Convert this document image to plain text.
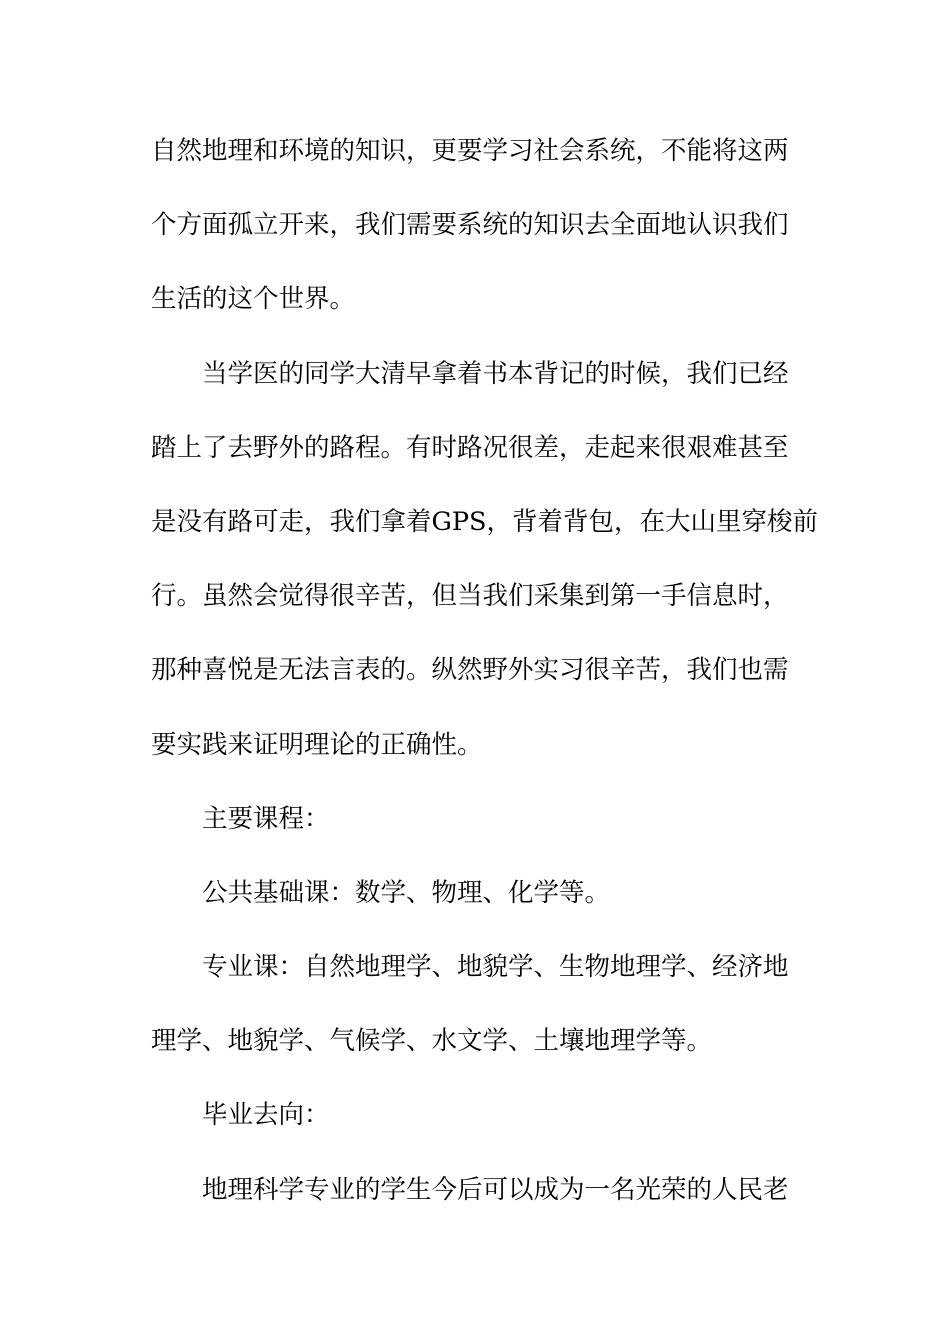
自然地理和环境的知识，更要学习社会系统，不能将这两
个方面孤立开来，我们需要系统的知识去全面地认识我们
生活的这个世界。
当学医的同学大清早拿着书本背记的时候，我们已经
踏上了去野外的路程。有时路况很差，走起来很艰难甚至
是没有路可走，我们拿着GPS，背着背包，在大山里穿梭前
行。虽然会觉得很辛苦，但当我们采集到第一手信息时，
那种喜悦是无法言表的。纵然野外实习很辛苦，我们也需
要实践来证明理论的正确性。
主要课程：
公共基础课：数学、物理、化学等。
专业课：自然地理学、地貌学、生物地理学、经济地
理学、地貌学、气候学、水文学、土壤地理学等。
毕业去向：
地理科学专业的学生今后可以成为一名光荣的人民老
